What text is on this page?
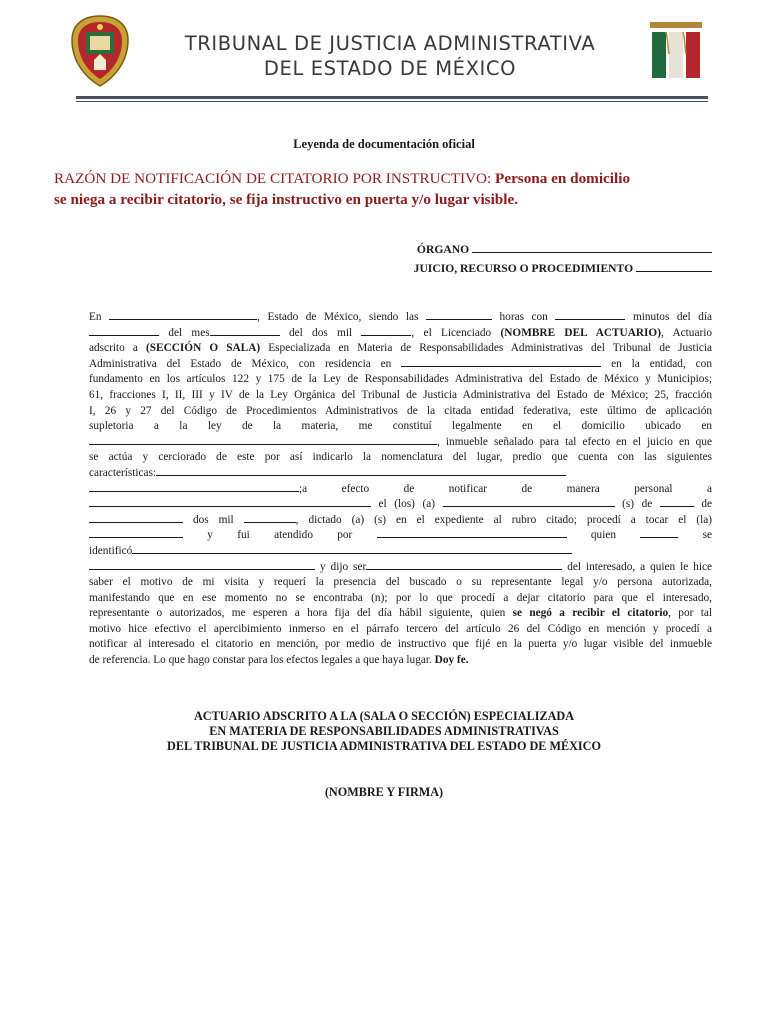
TRIBUNAL DE JUSTICIA ADMINISTRATIVA
DEL ESTADO DE MÉXICO
Leyenda de documentación oficial
RAZÓN DE NOTIFICACIÓN DE CITATORIO POR INSTRUCTIVO: Persona en domicilio
se niega a recibir citatorio, se fija instructivo en puerta y/o lugar visible.
ÓRGANO
JUICIO, RECURSO O PROCEDIMIENTO
En	, Estado de México, siendo las	horas con	minutos del día
del mes	del dos mil	, el Licenciado (NOMBRE DEL ACTUARIO), Actuario
adscrito a (SECCIÓN O SALA) Especializada en Materia de Responsabilidades Administrativas del Tribunal de Justicia
Administrativa del Estado de México, con residencia en	en la entidad, con
fundamento en los artículos 122 y 175 de la Ley de Responsabilidades Administrativa del Estado de México y Municipios;
61, fracciones I, II, III y IV de la Ley Orgánica del Tribunal de Justicia Administrativa del Estado de México; 25, fracción
I, 26 y 27 del Código de Procedimientos Administrativos de la citada entidad federativa, este último de aplicación
supletoria a la ley de la materia, me constituí legalmente en el domicilio ubicado en
, inmueble señalado para tal efecto en el juicio en que
se actúa y cerciorado de este por así indicarlo la nomenclatura del lugar, predio que cuenta con las siguientes
características:
;a efecto de notificar de manera personal a
el (los) (a)	(s) de	de
dos mil	, dictado (a) (s) en el expediente al rubro citado; procedí a tocar el (la)
y fui atendido por	quien	se
identificó
y dijo ser	del interesado, a quien le hice
saber el motivo de mi visita y requerí la presencia del buscado o su representante legal y/o persona autorizada,
manifestando que en ese momento no se encontraba (n); por lo que procedí a dejar citatorio para que el interesado,
representante o autorizados, me esperen a hora fija del día hábil siguiente, quien se negó a recibir el citatorio, por tal
motivo hice efectivo el apercibimiento inmerso en el párrafo tercero del artículo 26 del Código en mención y procedí a
notificar al interesado el citatorio en mención, por medio de instructivo que fijé en la puerta y/o lugar visible del inmueble
de referencia. Lo que hago constar para los efectos legales a que haya lugar. Doy fe.
ACTUARIO ADSCRITO A LA (SALA O SECCIÓN) ESPECIALIZADA
EN MATERIA DE RESPONSABILIDADES ADMINISTRATIVAS
DEL TRIBUNAL DE JUSTICIA ADMINISTRATIVA DEL ESTADO DE MÉXICO
(NOMBRE Y FIRMA)
